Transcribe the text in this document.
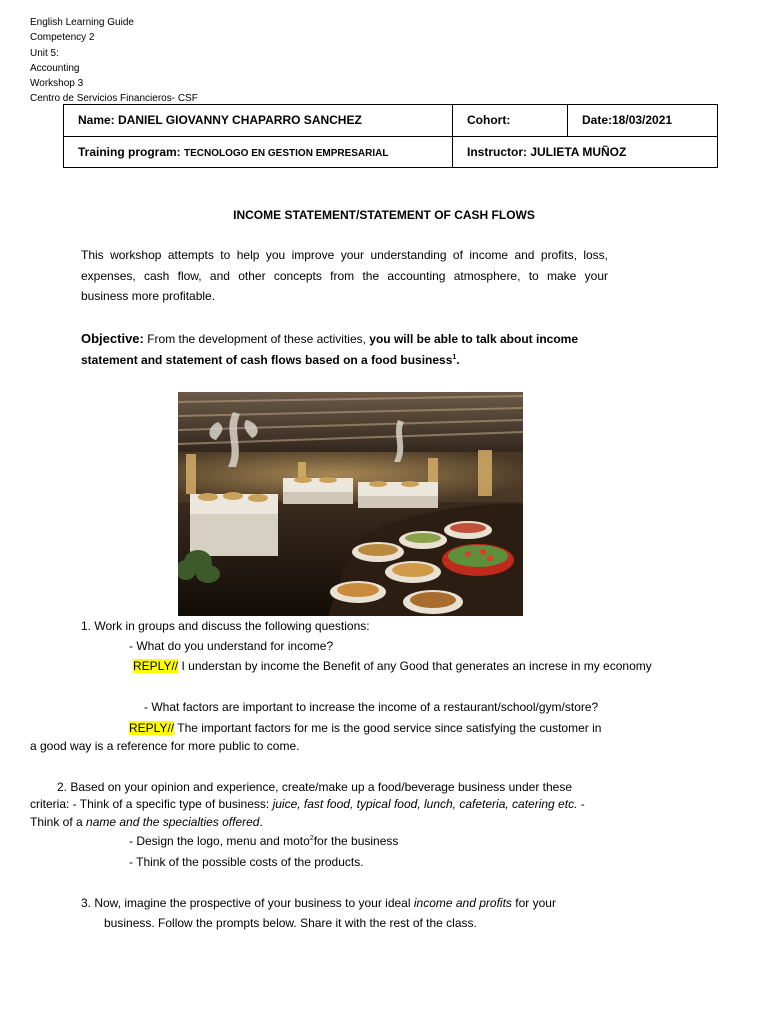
English Learning Guide
Competency 2
Unit 5:
Accounting
Workshop 3
Centro de Servicios Financieros- CSF
Name: DANIEL GIOVANNY CHAPARRO SANCHEZ	Cohort:	Date:18/03/2021
Training program: TECNOLOGO EN GESTION EMPRESARIAL	Instructor: JULIETA MUÑOZ	
INCOME STATEMENT/STATEMENT OF CASH FLOWS
This workshop attempts to help you improve your understanding of income and profits, loss,
expenses, cash flow, and other concepts from the accounting atmosphere, to make your
business more profitable.
Objective: From the development of these activities, you will be able to talk about income
statement and statement of cash flows based on a food business$^1$.
1. Work in groups and discuss the following questions:
- What do you understand for income?
REPLY// I understan by income the Benefit of any Good that generates an increse in my economy
- What factors are important to increase the income of a restaurant/school/gym/store?
REPLY// The important factors for me is the good service since satisfying the customer in
a good way is a reference for more public to come.
2. Based on your opinion and experience, create/make up a food/beverage business under these
criteria: - Think of a specific type of business: juice, fast food, typical food, lunch, cafeteria, catering etc. -
Think of a name and the specialties offered.
- Design the logo, menu and moto$^2$for the business
- Think of the possible costs of the products.
3. Now, imagine the prospective of your business to your ideal income and profits for your
business. Follow the prompts below. Share it with the rest of the class.
